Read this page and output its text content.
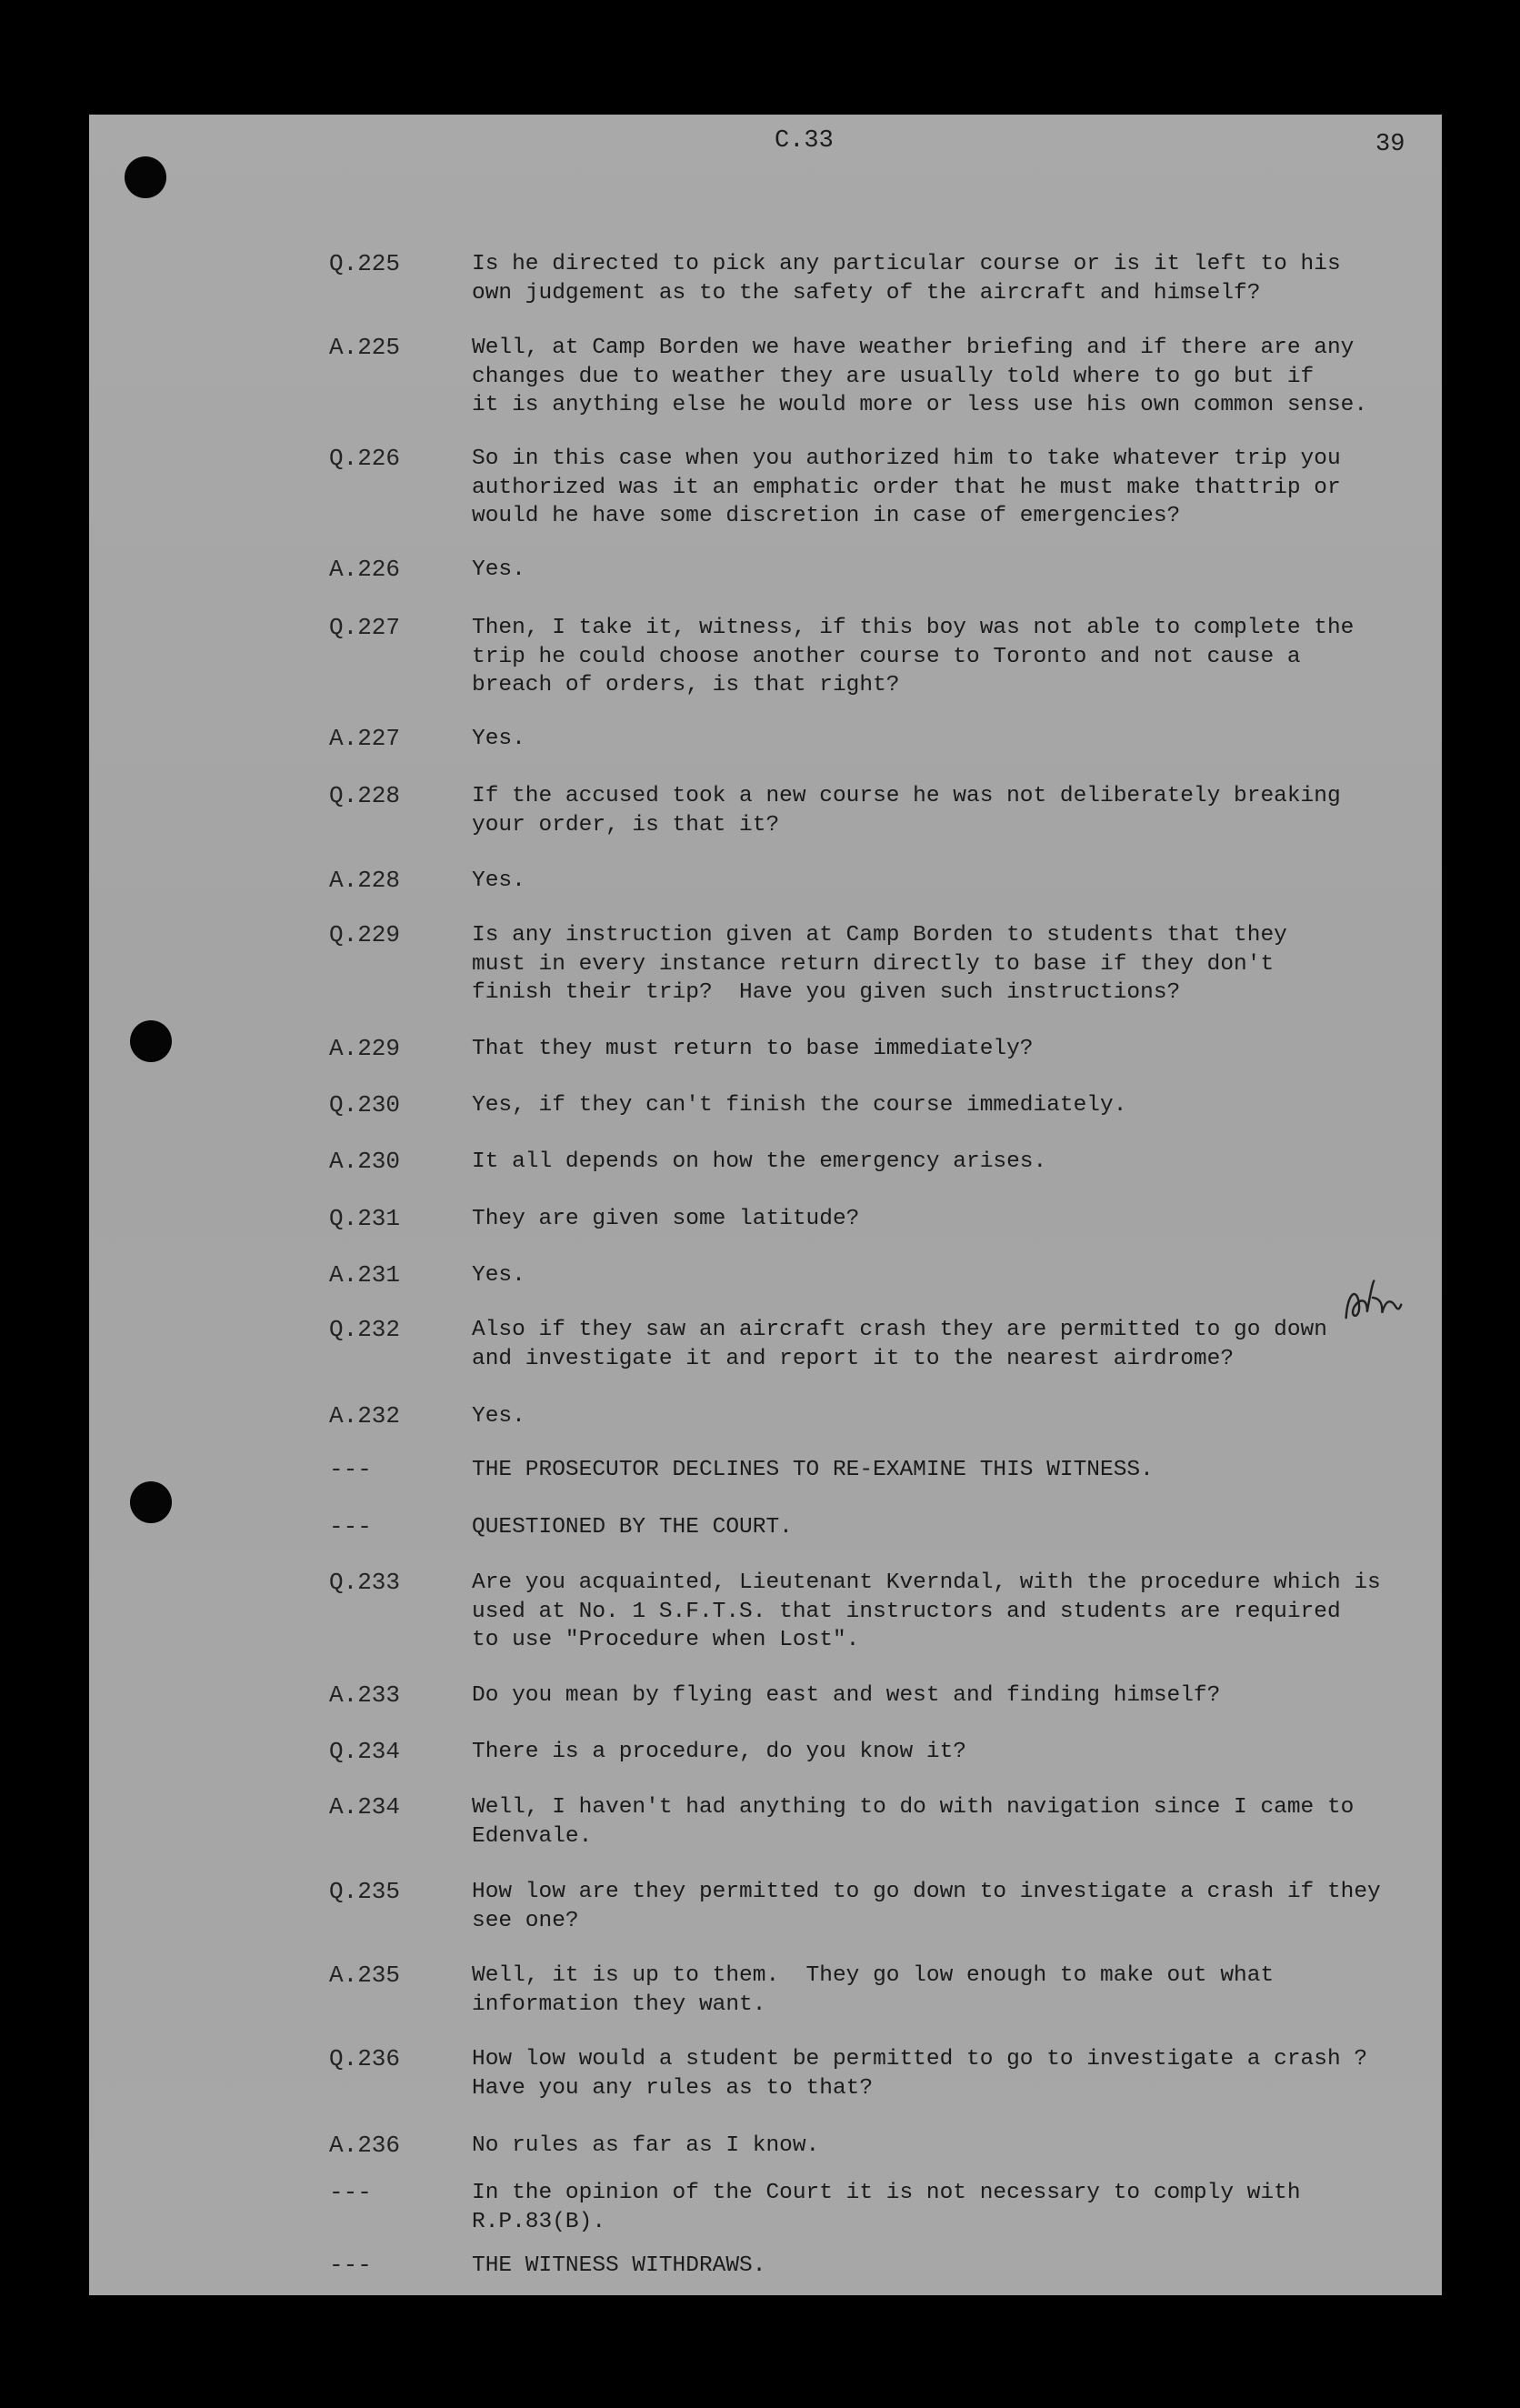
C.33	39
Q.225	Is he directed to pick any particular course or is it left to his
own judgement as to the safety of the aircraft and himself?
A.225	Well, at Camp Borden we have weather briefing and if there are any
changes due to weather they are usually told where to go but if
it is anything else he would more or less use his own common sense.
Q.226	So in this case when you authorized him to take whatever trip you
authorized was it an emphatic order that he must make thattrip or
would he have some discretion in case of emergencies?
A.226	Yes.
Q.227	Then, I take it, witness, if this boy was not able to complete the
trip he could choose another course to Toronto and not cause a
breach of orders, is that right?
A.227	Yes.
Q.228	If the accused took a new course he was not deliberately breaking
your order, is that it?
A.228	Yes.
Q.229	Is any instruction given at Camp Borden to students that they
must in every instance return directly to base if they don't
finish their trip?  Have you given such instructions?
A.229	That they must return to base immediately?
Q.230	Yes, if they can't finish the course immediately.
A.230	It all depends on how the emergency arises.
Q.231	They are given some latitude?
A.231	Yes.
Q.232	Also if they saw an aircraft crash they are permitted to go down
and investigate it and report it to the nearest airdrome?
A.232	Yes.
---	THE PROSECUTOR DECLINES TO RE-EXAMINE THIS WITNESS.
---	QUESTIONED BY THE COURT.
Q.233	Are you acquainted, Lieutenant Kverndal, with the procedure which is
used at No. 1 S.F.T.S. that instructors and students are required
to use "Procedure when Lost".
A.233	Do you mean by flying east and west and finding himself?
Q.234	There is a procedure, do you know it?
A.234	Well, I haven't had anything to do with navigation since I came to
Edenvale.
Q.235	How low are they permitted to go down to investigate a crash if they
see one?
A.235	Well, it is up to them.  They go low enough to make out what
information they want.
Q.236	How low would a student be permitted to go to investigate a crash ?
Have you any rules as to that?
A.236	No rules as far as I know.
---	In the opinion of the Court it is not necessary to comply with
R.P.83(B).
---	THE WITNESS WITHDRAWS.
